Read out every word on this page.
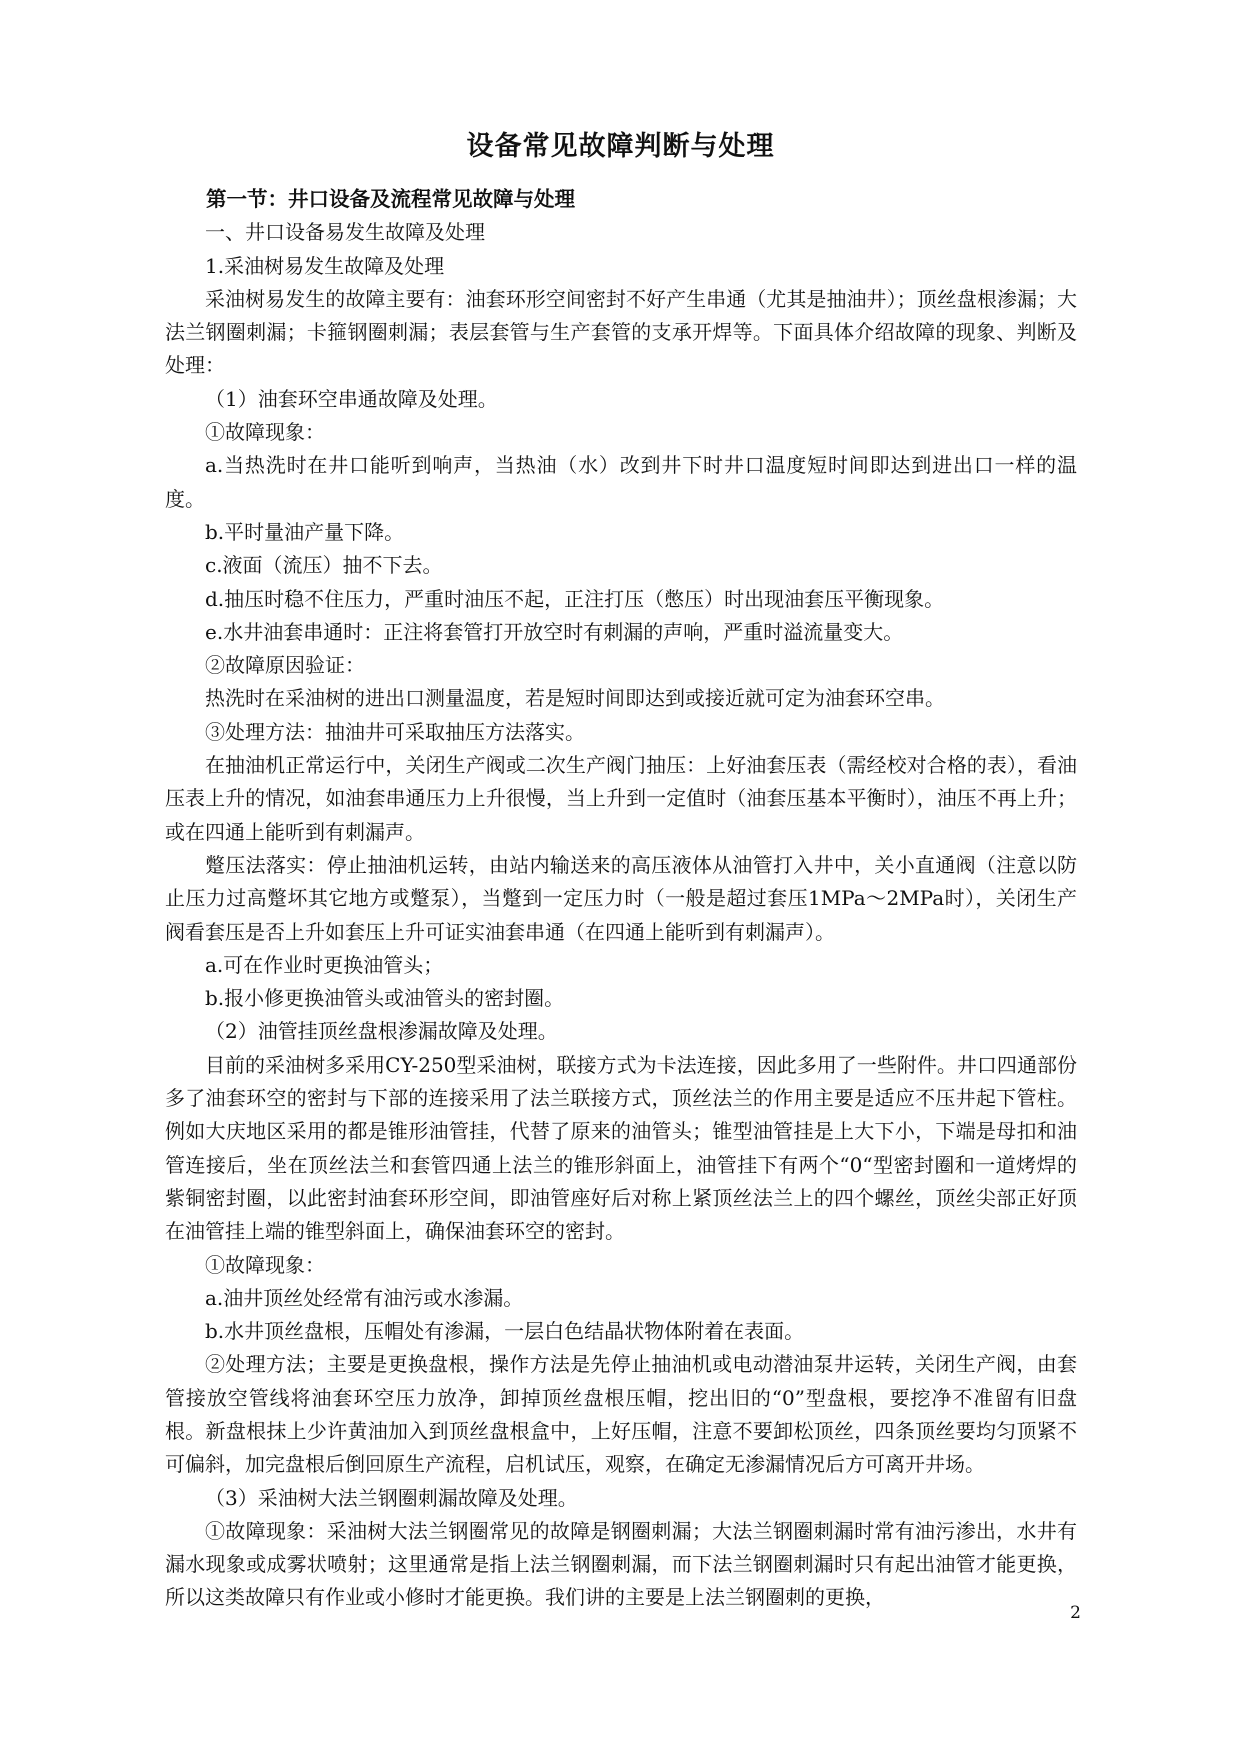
设备常见故障判断与处理

第一节：井口设备及流程常见故障与处理

一、井口设备易发生故障及处理

1.采油树易发生故障及处理

采油树易发生的故障主要有：油套环形空间密封不好产生串通（尤其是抽油井）；顶丝盘根渗漏；大法兰钢圈刺漏；卡箍钢圈刺漏；表层套管与生产套管的支承开焊等。下面具体介绍故障的现象、判断及处理：

（1）油套环空串通故障及处理。

①故障现象：

a.当热洗时在井口能听到响声，当热油（水）改到井下时井口温度短时间即达到进出口一样的温度。

b.平时量油产量下降。

c.液面（流压）抽不下去。

d.抽压时稳不住压力，严重时油压不起，正注打压（憋压）时出现油套压平衡现象。

e.水井油套串通时：正注将套管打开放空时有刺漏的声响，严重时溢流量变大。

②故障原因验证：

热洗时在采油树的进出口测量温度，若是短时间即达到或接近就可定为油套环空串。

③处理方法：抽油井可采取抽压方法落实。

在抽油机正常运行中，关闭生产阀或二次生产阀门抽压：上好油套压表（需经校对合格的表），看油压表上升的情况，如油套串通压力上升很慢，当上升到一定值时（油套压基本平衡时），油压不再上升；或在四通上能听到有刺漏声。

蹩压法落实：停止抽油机运转，由站内输送来的高压液体从油管打入井中，关小直通阀（注意以防止压力过高蹩坏其它地方或蹩泵），当蹩到一定压力时（一般是超过套压1MPa～2MPa时），关闭生产阀看套压是否上升如套压上升可证实油套串通（在四通上能听到有刺漏声）。

a.可在作业时更换油管头；

b.报小修更换油管头或油管头的密封圈。

（2）油管挂顶丝盘根渗漏故障及处理。

目前的采油树多采用CY-250型采油树，联接方式为卡法连接，因此多用了一些附件。井口四通部份多了油套环空的密封与下部的连接采用了法兰联接方式，顶丝法兰的作用主要是适应不压井起下管柱。例如大庆地区采用的都是锥形油管挂，代替了原来的油管头；锥型油管挂是上大下小，下端是母扣和油管连接后，坐在顶丝法兰和套管四通上法兰的锥形斜面上，油管挂下有两个“0“型密封圈和一道烤焊的紫铜密封圈，以此密封油套环形空间，即油管座好后对称上紧顶丝法兰上的四个螺丝，顶丝尖部正好顶在油管挂上端的锥型斜面上，确保油套环空的密封。

①故障现象：

a.油井顶丝处经常有油污或水渗漏。

b.水井顶丝盘根，压帽处有渗漏，一层白色结晶状物体附着在表面。

②处理方法；主要是更换盘根，操作方法是先停止抽油机或电动潜油泵井运转，关闭生产阀，由套管接放空管线将油套环空压力放净，卸掉顶丝盘根压帽，挖出旧的“0”型盘根，要挖净不准留有旧盘根。新盘根抹上少许黄油加入到顶丝盘根盒中，上好压帽，注意不要卸松顶丝，四条顶丝要均匀顶紧不可偏斜，加完盘根后倒回原生产流程，启机试压，观察，在确定无渗漏情况后方可离开井场。

（3）采油树大法兰钢圈刺漏故障及处理。

①故障现象：采油树大法兰钢圈常见的故障是钢圈刺漏；大法兰钢圈刺漏时常有油污渗出，水井有漏水现象或成雾状喷射；这里通常是指上法兰钢圈刺漏，而下法兰钢圈刺漏时只有起出油管才能更换，所以这类故障只有作业或小修时才能更换。我们讲的主要是上法兰钢圈刺的更换，

2
